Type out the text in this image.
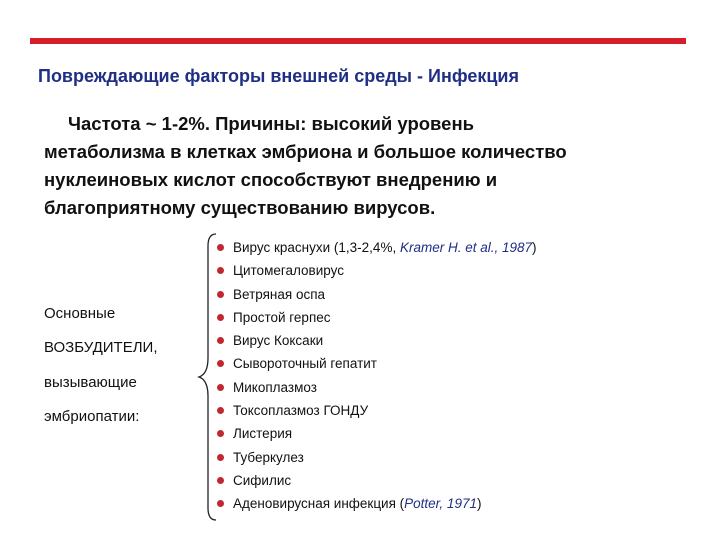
Повреждающие факторы внешней среды - Инфекция
Частота ~ 1-2%. Причины: высокий уровень
метаболизма в клетках эмбриона и большое количество
нуклеиновых кислот способствуют внедрению и
благоприятному существованию вирусов.
Основные
ВОЗБУДИТЕЛИ,
вызывающие
эмбриопатии:
Вирус краснухи (1,3-2,4%, Kramer H. et al., 1987)
Цитомегаловирус
Ветряная оспа
Простой герпес
Вирус Коксаки
Сывороточный гепатит
Микоплазмоз
Токсоплазмоз ГОНДУ
Листерия
Туберкулез
Сифилис
Аденовирусная инфекция (Potter, 1971)
